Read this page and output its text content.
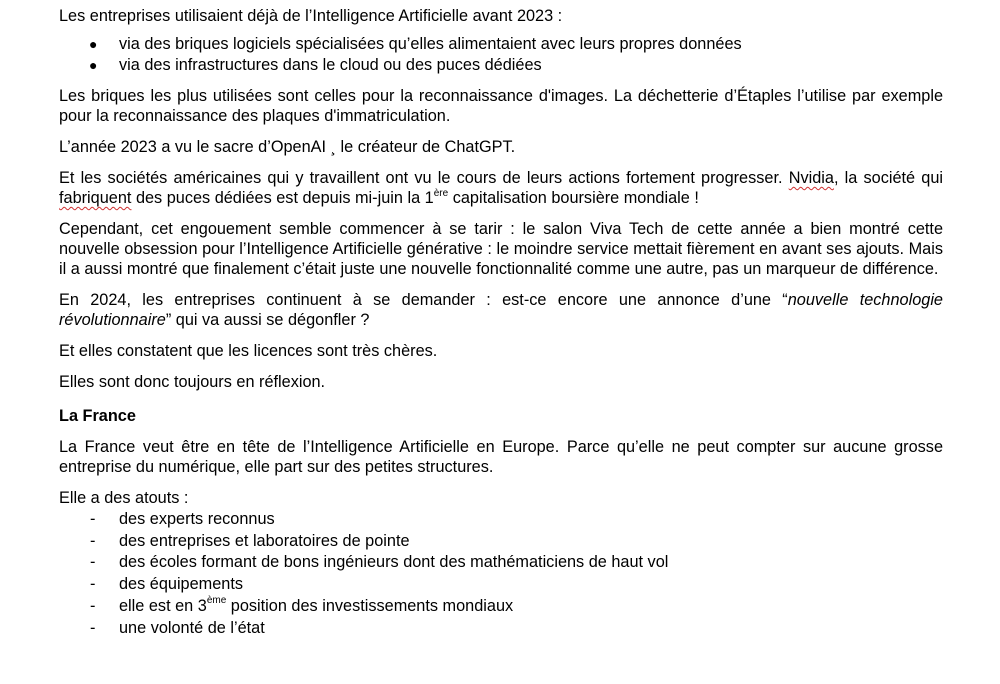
Les entreprises utilisaient déjà de l’Intelligence Artificielle avant 2023 :

● via des briques logiciels spécialisées qu’elles alimentaient avec leurs propres données
● via des infrastructures dans le cloud ou des puces dédiées

Les briques les plus utilisées sont celles pour la reconnaissance d'images. La déchetterie d’Étaples l’utilise par exemple pour la reconnaissance des plaques d'immatriculation.

L’année 2023 a vu le sacre d’OpenAI ¸ le créateur de ChatGPT.

Et les sociétés américaines qui y travaillent ont vu le cours de leurs actions fortement progresser. Nvidia, la société qui fabriquent des puces dédiées est depuis mi-juin la 1ère capitalisation boursière mondiale !

Cependant, cet engouement semble commencer à se tarir : le salon Viva Tech de cette année a bien montré cette nouvelle obsession pour l’Intelligence Artificielle générative : le moindre service mettait fièrement en avant ses ajouts. Mais il a aussi montré que finalement c’était juste une nouvelle fonctionnalité comme une autre, pas un marqueur de différence.

En 2024, les entreprises continuent à se demander : est-ce encore une annonce d’une “nouvelle technologie révolutionnaire” qui va aussi se dégonfler ?

Et elles constatent que les licences sont très chères.

Elles sont donc toujours en réflexion.

La France

La France veut être en tête de l’Intelligence Artificielle en Europe. Parce qu’elle ne peut compter sur aucune grosse entreprise du numérique, elle part sur des petites structures.

Elle a des atouts :

- des experts reconnus
- des entreprises et laboratoires de pointe
- des écoles formant de bons ingénieurs dont des mathématiciens de haut vol
- des équipements
- elle est en 3ème position des investissements mondiaux
- une volonté de l’état
